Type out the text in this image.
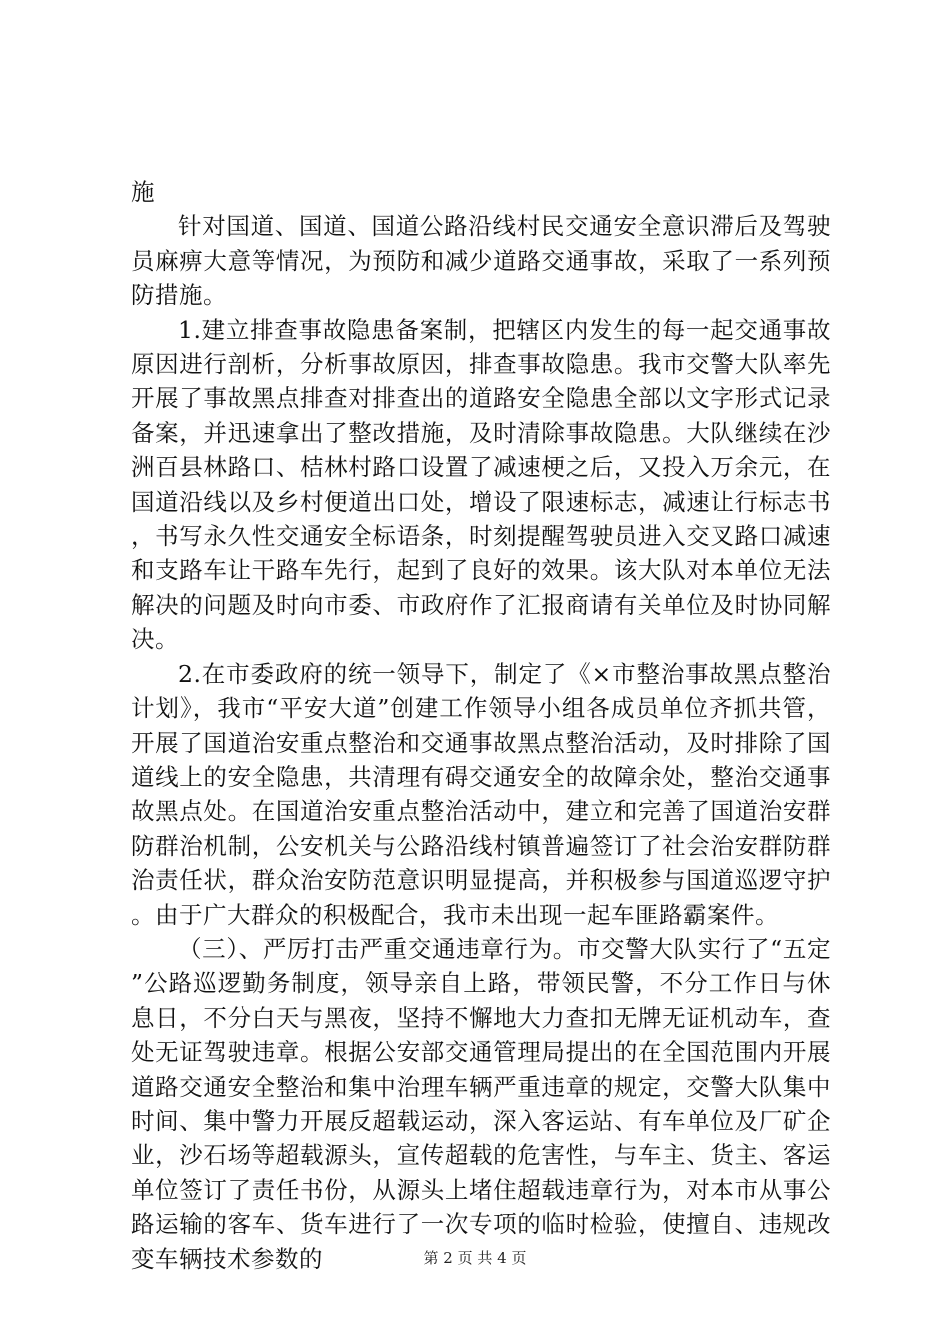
施

针对国道、国道、国道公路沿线村民交通安全意识滞后及驾驶员麻痹大意等情况，为预防和减少道路交通事故，采取了一系列预防措施。

1.建立排查事故隐患备案制，把辖区内发生的每一起交通事故原因进行剖析，分析事故原因，排查事故隐患。我市交警大队率先开展了事故黑点排查对排查出的道路安全隐患全部以文字形式记录备案，并迅速拿出了整改措施，及时清除事故隐患。大队继续在沙洲百县林路口、桔林村路口设置了减速梗之后，又投入万余元，在国道沿线以及乡村便道出口处，增设了限速标志，减速让行标志书，书写永久性交通安全标语条，时刻提醒驾驶员进入交叉路口减速和支路车让干路车先行，起到了良好的效果。该大队对本单位无法解决的问题及时向市委、市政府作了汇报商请有关单位及时协同解决。

2.在市委政府的统一领导下，制定了《×市整治事故黑点整治计划》，我市“平安大道”创建工作领导小组各成员单位齐抓共管，开展了国道治安重点整治和交通事故黑点整治活动，及时排除了国道线上的安全隐患，共清理有碍交通安全的故障余处，整治交通事故黑点处。在国道治安重点整治活动中，建立和完善了国道治安群防群治机制，公安机关与公路沿线村镇普遍签订了社会治安群防群治责任状，群众治安防范意识明显提高，并积极参与国道巡逻守护。由于广大群众的积极配合，我市未出现一起车匪路霸案件。

（三）、严厉打击严重交通违章行为。市交警大队实行了“五定”公路巡逻勤务制度，领导亲自上路，带领民警，不分工作日与休息日，不分白天与黑夜，坚持不懈地大力查扣无牌无证机动车，查处无证驾驶违章。根据公安部交通管理局提出的在全国范围内开展道路交通安全整治和集中治理车辆严重违章的规定，交警大队集中时间、集中警力开展反超载运动，深入客运站、有车单位及厂矿企业，沙石场等超载源头，宣传超载的危害性，与车主、货主、客运单位签订了责任书份，从源头上堵住超载违章行为，对本市从事公路运输的客车、货车进行了一次专项的临时检验，使擅自、违规改变车辆技术参数的	第 2 页 共 4 页
